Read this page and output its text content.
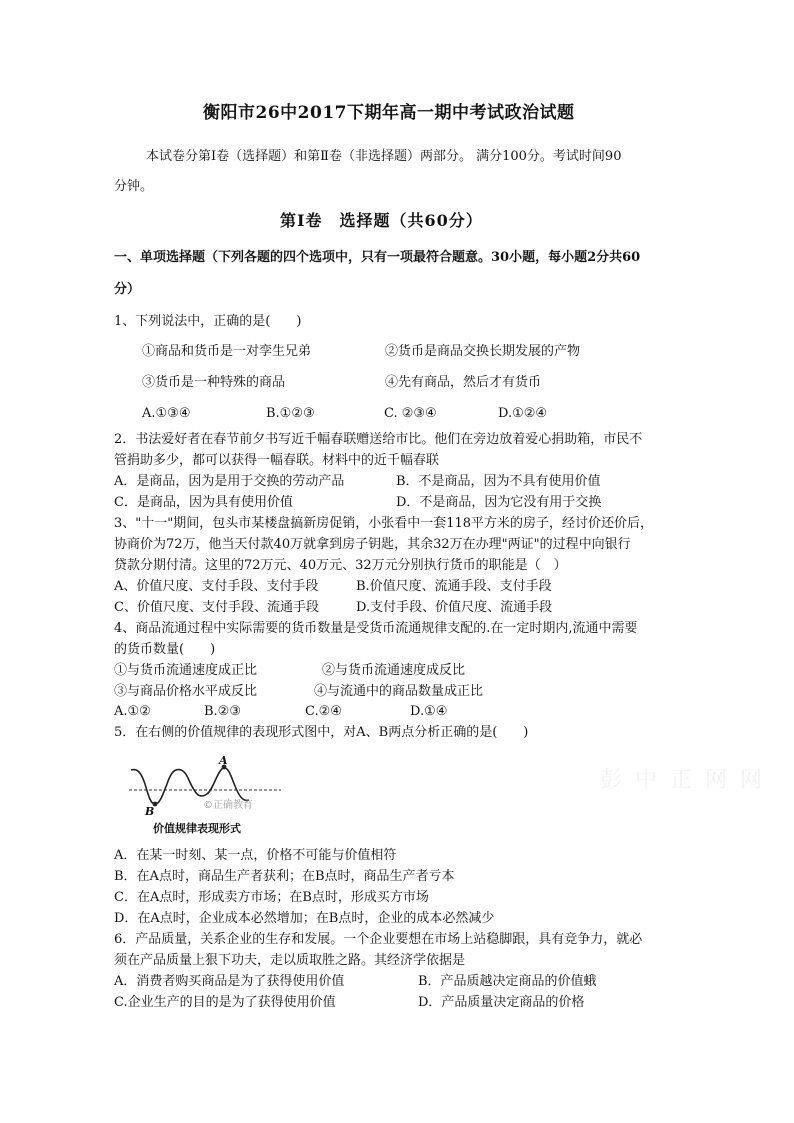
衡阳市26中2017下期年高一期中考试政治试题
本试卷分第Ⅰ卷（选择题）和第Ⅱ卷（非选择题）两部分。 满分100分。考试时间90
分钟。
第Ⅰ卷　选择题（共60分）
一、单项选择题（下列各题的四个选项中，只有一项最符合题意。30小题，每小题2分共60
分）
1、下列说法中，正确的是(　　)
①商品和货币是一对孪生兄弟	②货币是商品交换长期发展的产物
③货币是一种特殊的商品	④先有商品，然后才有货币
A.①③④	B.①②③	C. ②③④	D.①②④
2．书法爱好者在春节前夕书写近千幅春联赠送给市比。他们在旁边放着爱心捐助箱，市民不
管捐助多少，都可以获得一幅春联。材料中的近千幅春联
A．是商品，因为是用于交换的劳动产品	B．不是商品，因为不具有使用价值
C．是商品，因为具有使用价值	D．不是商品，因为它没有用于交换
3、"十一"期间，包头市某楼盘搞新房促销，小张看中一套118平方米的房子，经讨价还价后，
协商价为72万，他当天付款40万就拿到房子钥匙，其余32万在办理"两证"的过程中向银行
贷款分期付清。这里的72万元、40万元、32万元分别执行货币的职能是（　）
A、价值尺度、支付手段、支付手段	B.价值尺度、流通手段、支付手段
C、价值尺度、支付手段、流通手段	D.支付手段、价值尺度、流通手段
4、商品流通过程中实际需要的货币数量是受货币流通规律支配的.在一定时期内,流通中需要
的货币数量(　　)
①与货币流通速度成正比	②与货币流通速度成反比
③与商品价格水平成反比	④与流通中的商品数量成正比
A.①②	B.②③	C.②④	D.①④
5．在右侧的价值规律的表现形式图中，对A、B两点分析正确的是(　　)
A
B	©正确教育
价值规律表现形式
彭 中 正 网 网
A．在某一时刻、某一点，价格不可能与价值相符
B．在A点时，商品生产者获利；在B点时，商品生产者亏本
C．在A点时，形成卖方市场；在B点时，形成买方市场
D．在A点时，企业成本必然增加；在B点时，企业的成本必然减少
6．产品质量，关系企业的生存和发展。一个企业要想在市场上站稳脚跟，具有竞争力，就必
须在产品质量上狠下功夫，走以质取胜之路。其经济学依据是
A．消费者购买商品是为了获得使用价值	B．产品质越决定商品的价值蛾
C.企业生产的目的是为了获得使用价值	D．产品质量决定商品的价格
